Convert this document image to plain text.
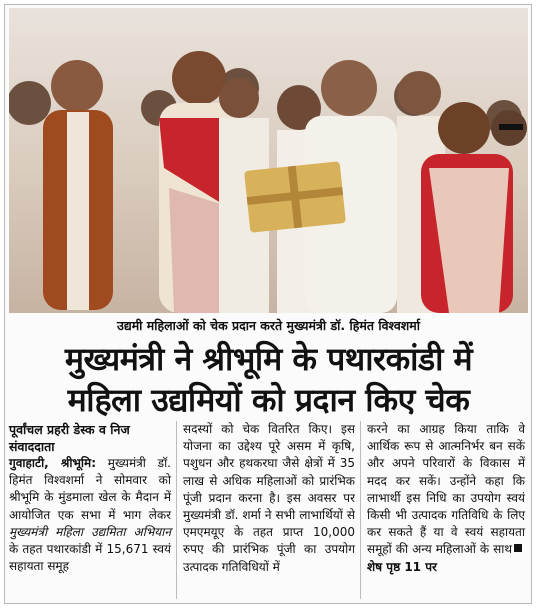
उद्यमी महिलाओं को चेक प्रदान करते मुख्यमंत्री डॉ. हिमंत विश्वशर्मा
मुख्यमंत्री ने श्रीभूमि के पथारकांडी में
महिला उद्यमियों को प्रदान किए चेक
पूर्वांचल प्रहरी डेस्क व निज संवाददाता
गुवाहाटी, श्रीभूमि: मुख्यमंत्री डॉ. हिमंत विश्वशर्मा ने सोमवार को श्रीभूमि के मुंडमाला खेल के मैदान में आयोजित एक सभा में भाग लेकर मुख्यमंत्री महिला उद्यमिता अभियान के तहत पथारकांडी में 15,671 स्वयं सहायता समूह
सदस्यों को चेक वितरित किए। इस योजना का उद्देश्य पूरे असम में कृषि, पशुधन और हथकरघा जैसे क्षेत्रों में 35 लाख से अधिक महिलाओं को प्रारंभिक पूंजी प्रदान करना है। इस अवसर पर मुख्यमंत्री डॉ. शर्मा ने सभी लाभार्थियों से एमएमयूए के तहत प्राप्त 10,000 रुपए की प्रारंभिक पूंजी का उपयोग उत्पादक गतिविधियों में
करने का आग्रह किया ताकि वे आर्थिक रूप से आत्मनिर्भर बन सकें और अपने परिवारों के विकास में मदद कर सकें। उन्होंने कहा कि लाभार्थी इस निधि का उपयोग स्वयं किसी भी उत्पादक गतिविधि के लिए कर सकते हैं या वे स्वयं सहायता समूहों की अन्य महिलाओं के साथशेष पृष्ठ 11 पर
